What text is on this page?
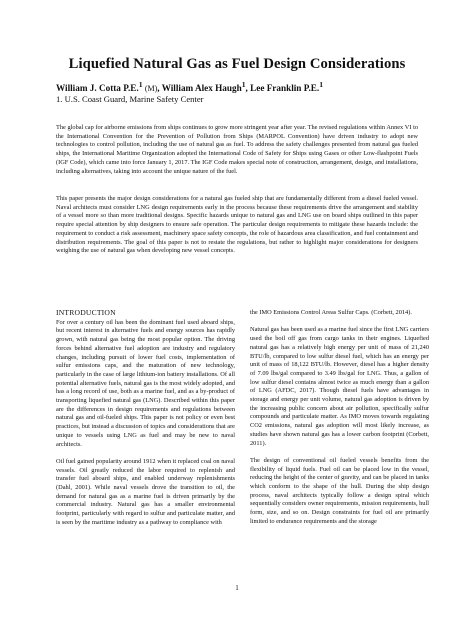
Liquefied Natural Gas as Fuel Design Considerations
William J. Cotta P.E.$^1$ (M), William Alex Haugh$^1$, Lee Franklin P.E.$^1$
1. U.S. Coast Guard, Marine Safety Center

The global cap for airborne emissions from ships continues to grow more stringent year after year. The revised regulations within Annex VI to the International Convention for the Prevention of Pollution from Ships (MARPOL Convention) have driven industry to adopt new technologies to control pollution, including the use of natural gas as fuel. To address the safety challenges presented from natural gas fueled ships, the International Maritime Organization adopted the International Code of Safety for Ships using Gases or other Low-flashpoint Fuels (IGF Code), which came into force January 1, 2017. The IGF Code makes special note of construction, arrangement, design, and installations, including alternatives, taking into account the unique nature of the fuel.

This paper presents the major design considerations for a natural gas fueled ship that are fundamentally different from a diesel fueled vessel. Naval architects must consider LNG design requirements early in the process because these requirements drive the arrangement and stability of a vessel more so than more traditional designs. Specific hazards unique to natural gas and LNG use on board ships outlined in this paper require special attention by ship designers to ensure safe operation. The particular design requirements to mitigate these hazards include: the requirement to conduct a risk assessment, machinery space safety concepts, the role of hazardous area classification, and fuel containment and distribution requirements. The goal of this paper is not to restate the regulations, but rather to highlight major considerations for designers weighing the use of natural gas when developing new vessel concepts.

INTRODUCTION

For over a century oil has been the dominant fuel used aboard ships, but recent interest in alternative fuels and energy sources has rapidly grown, with natural gas being the most popular option. The driving forces behind alternative fuel adoption are industry and regulatory changes, including pursuit of lower fuel costs, implementation of sulfur emissions caps, and the maturation of new technology, particularly in the case of large lithium-ion battery installations. Of all potential alternative fuels, natural gas is the most widely adopted, and has a long record of use, both as a marine fuel, and as a by-product of transporting liquefied natural gas (LNG). Described within this paper are the differences in design requirements and regulations between natural gas and oil-fueled ships. This paper is not policy or even best practices, but instead a discussion of topics and considerations that are unique to vessels using LNG as fuel and may be new to naval architects.

Oil fuel gained popularity around 1912 when it replaced coal on naval vessels. Oil greatly reduced the labor required to replenish and transfer fuel aboard ships, and enabled underway replenishments (Dahl, 2001). While naval vessels drove the transition to oil, the demand for natural gas as a marine fuel is driven primarily by the commercial industry. Natural gas has a smaller environmental footprint, particularly with regard to sulfur and particulate matter, and is seen by the maritime industry as a pathway to compliance with

the IMO Emissions Control Areas Sulfur Caps. (Corbett, 2014).

Natural gas has been used as a marine fuel since the first LNG carriers used the boil off gas from cargo tanks in their engines. Liquefied natural gas has a relatively high energy per unit of mass of 21,240 BTU/lb, compared to low sulfur diesel fuel, which has an energy per unit of mass of 18,122 BTU/lb. However, diesel has a higher density of 7.09 lbs/gal compared to 3.49 lbs/gal for LNG. Thus, a gallon of low sulfur diesel contains almost twice as much energy than a gallon of LNG (AFDC, 2017). Though diesel fuels have advantages in storage and energy per unit volume, natural gas adoption is driven by the increasing public concern about air pollution, specifically sulfur compounds and particulate matter. As IMO moves towards regulating CO2 emissions, natural gas adoption will most likely increase, as studies have shown natural gas has a lower carbon footprint (Corbett, 2011).

The design of conventional oil fueled vessels benefits from the flexibility of liquid fuels. Fuel oil can be placed low in the vessel, reducing the height of the center of gravity, and can be placed in tanks which conform to the shape of the hull. During the ship design process, naval architects typically follow a design spiral which sequentially considers owner requirements, mission requirements, hull form, size, and so on. Design constraints for fuel oil are primarily limited to endurance requirements and the storage

1
